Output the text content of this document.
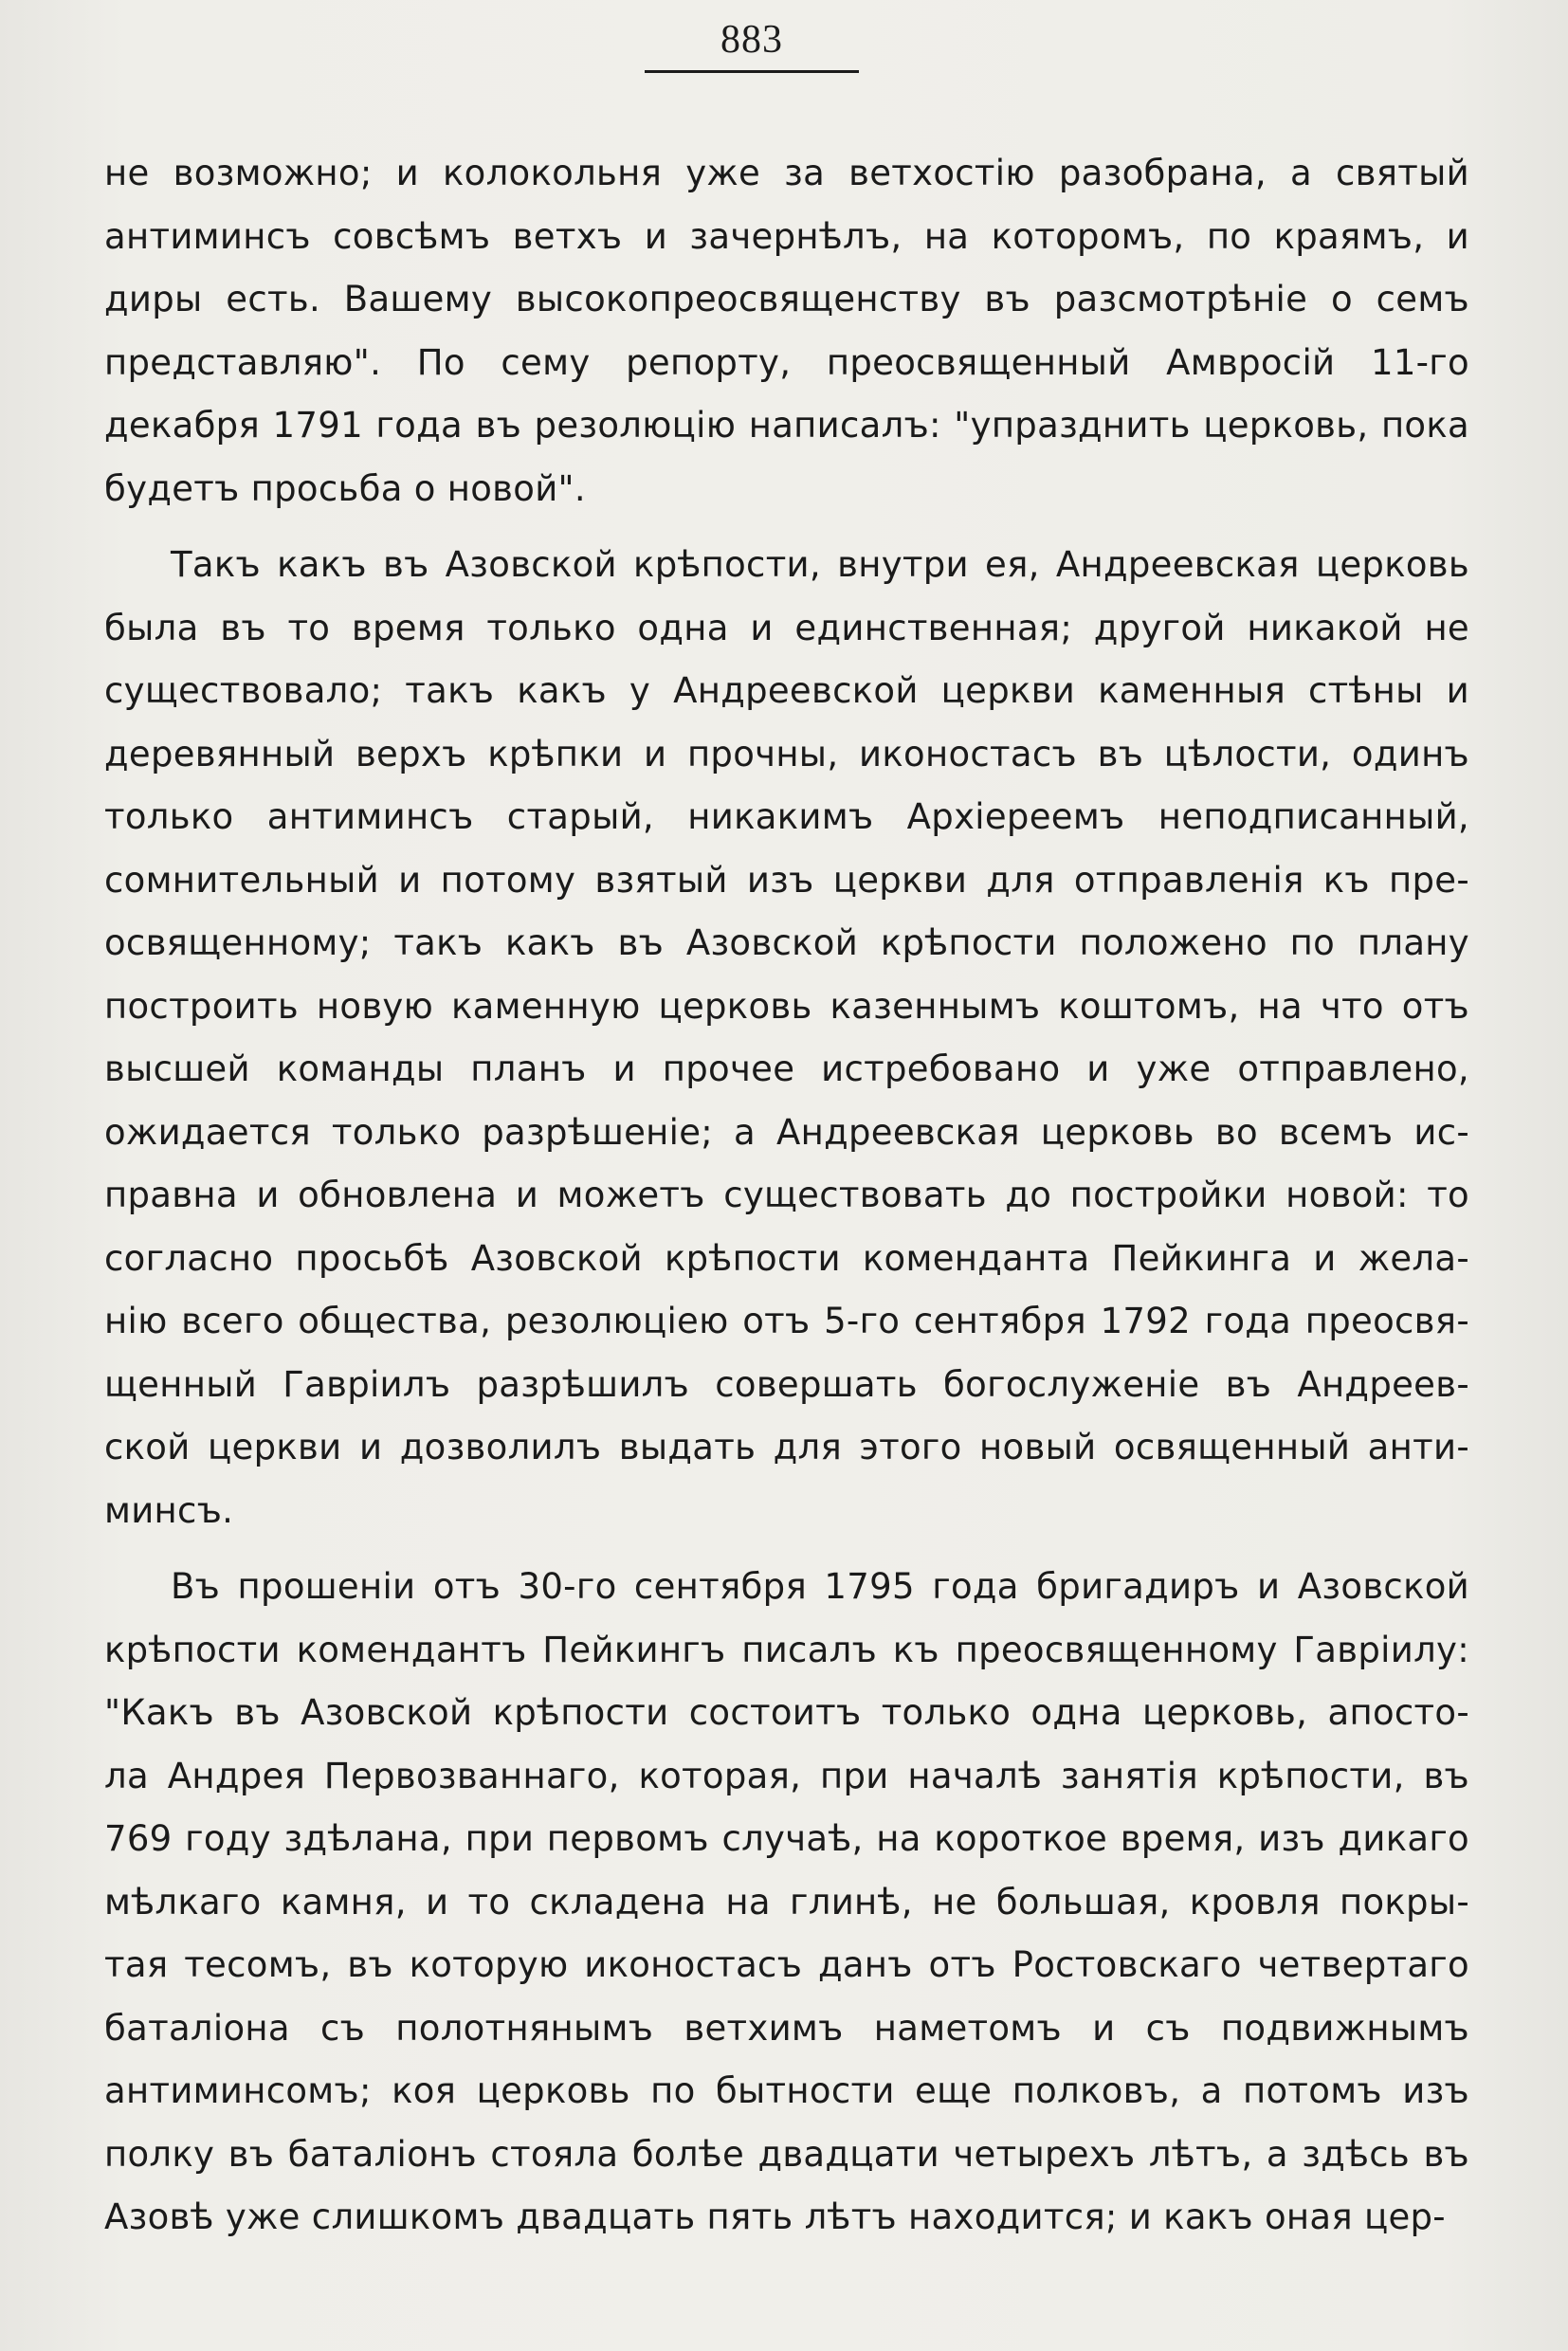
883
не возможно; и колокольня уже за ветхостію разобрана, а святый
антиминсъ совсѣмъ ветхъ и зачернѣлъ, на которомъ, по краямъ, и
диры есть. Вашему высокопреосвященству въ разсмотрѣніе о семъ
представляю". По сему репорту, преосвященный Амвросій 11-го
декабря 1791 года въ резолюцію написалъ: "упразднить церковь, пока
будетъ просьба о новой".
Такъ какъ въ Азовской крѣпости, внутри ея, Андреевская церковь
была въ то время только одна и единственная; другой никакой не
существовало; такъ какъ у Андреевской церкви каменныя стѣны и
деревянный верхъ крѣпки и прочны, иконостасъ въ цѣлости, одинъ
только антиминсъ старый, никакимъ Архіереемъ неподписанный,
сомнительный и потому взятый изъ церкви для отправленія къ пре-
освященному; такъ какъ въ Азовской крѣпости положено по плану
построить новую каменную церковь казеннымъ коштомъ, на что отъ
высшей команды планъ и прочее истребовано и уже отправлено,
ожидается только разрѣшеніе; а Андреевская церковь во всемъ ис-
правна и обновлена и можетъ существовать до постройки новой: то
согласно просьбѣ Азовской крѣпости коменданта Пейкинга и жела-
нію всего общества, резолюціею отъ 5-го сентября 1792 года преосвя-
щенный Гавріилъ разрѣшилъ совершать богослуженіе въ Андреев-
ской церкви и дозволилъ выдать для этого новый освященный анти-
минсъ.
Въ прошеніи отъ 30-го сентября 1795 года бригадиръ и Азовской
крѣпости комендантъ Пейкингъ писалъ къ преосвященному Гавріилу:
"Какъ въ Азовской крѣпости состоитъ только одна церковь, апосто-
ла Андрея Первозваннаго, которая, при началѣ занятія крѣпости, въ
769 году здѣлана, при первомъ случаѣ, на короткое время, изъ дикаго
мѣлкаго камня, и то складена на глинѣ, не большая, кровля покры-
тая тесомъ, въ которую иконостасъ данъ отъ Ростовскаго четвертаго
баталіона съ полотнянымъ ветхимъ наметомъ и съ подвижнымъ
антиминсомъ; коя церковь по бытности еще полковъ, а потомъ изъ
полку въ баталіонъ стояла болѣе двадцати четырехъ лѣтъ, а здѣсь въ
Азовѣ уже слишкомъ двадцать пять лѣтъ находится; и какъ оная цер-
